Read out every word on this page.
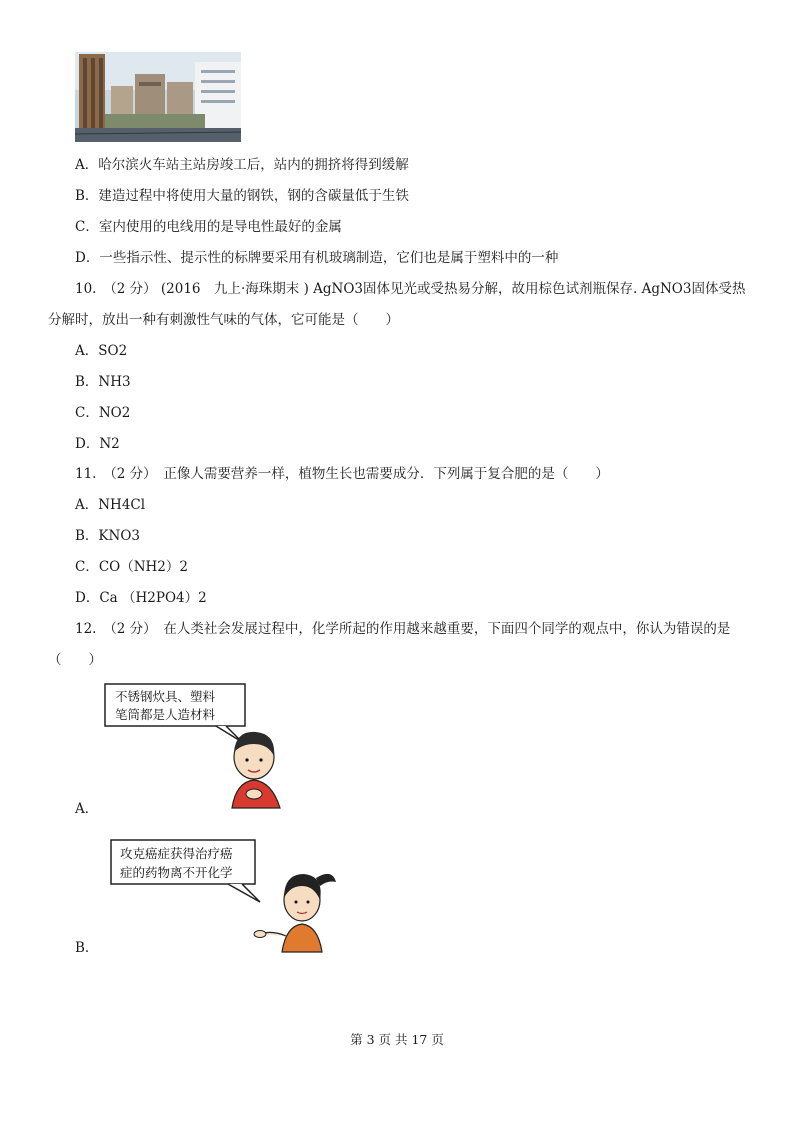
A．哈尔滨火车站主站房竣工后，站内的拥挤将得到缓解
B．建造过程中将使用大量的钢铁，钢的含碳量低于生铁
C．室内使用的电线用的是导电性最好的金属
D．一些指示性、提示性的标牌要采用有机玻璃制造，它们也是属于塑料中的一种
10.　（2 分） (2016　九上·海珠期末 ) AgNO3固体见光或受热易分解，故用棕色试剂瓶保存. AgNO3固体受热
分解时，放出一种有刺激性气味的气体，它可能是（　　）
A．SO2
B．NH3
C．NO2
D．N2
11.　（2 分）　正像人需要营养一样，植物生长也需要成分．下列属于复合肥的是（　　）
A．NH4Cl
B．KNO3
C．CO（NH2）2
D．Ca （H2PO4）2
12.　（2 分）　在人类社会发展过程中，化学所起的作用越来越重要，下面四个同学的观点中，你认为错误的是
（　　）
不锈钢炊具、塑料
笔筒都是人造材料
A．
攻克癌症获得治疗癌
症的药物离不开化学
B．
第 3 页 共 17 页
